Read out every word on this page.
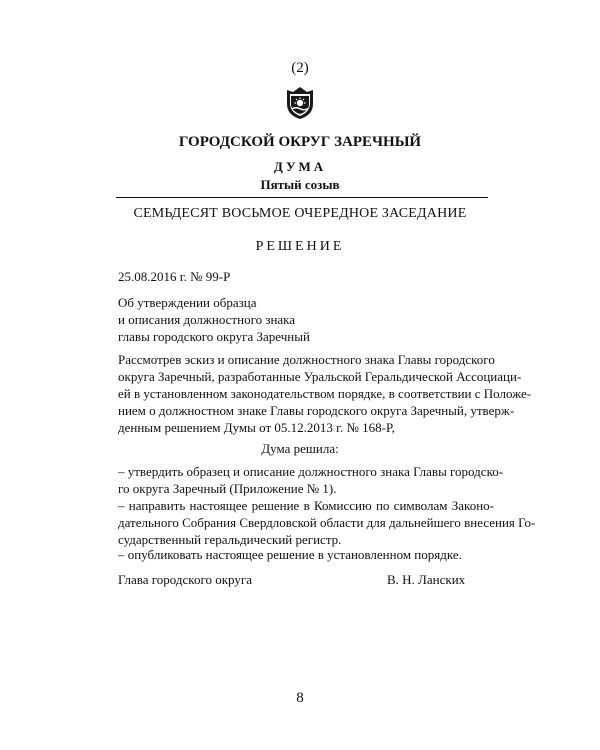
(2)
ГОРОДСКОЙ ОКРУГ ЗАРЕЧНЫЙ
ДУМА
Пятый созыв
СЕМЬДЕСЯТ ВОСЬМОЕ ОЧЕРЕДНОЕ ЗАСЕДАНИЕ
РЕШЕНИЕ
25.08.2016 г. № 99-Р
Об утверждении образца
и описания должностного знака
главы городского округа Заречный
Рассмотрев эскиз и описание должностного знака Главы городского
округа Заречный, разработанные Уральской Геральдической Ассоциаци-
ей в установленном законодательством порядке, в соответствии с Положе-
нием о должностном знаке Главы городского округа Заречный, утверж-
денным решением Думы от 05.12.2013 г. № 168-Р,
Дума решила:
– утвердить образец и описание должностного знака Главы городско-
го округа Заречный (Приложение № 1).
– направить настоящее решение в Комиссию по символам Законо-
дательного Собрания Свердловской области для дальнейшего внесения Го-
сударственный геральдический регистр.
– опубликовать настоящее решение в установленном порядке.
Глава городского округа	В. Н. Ланских
8
